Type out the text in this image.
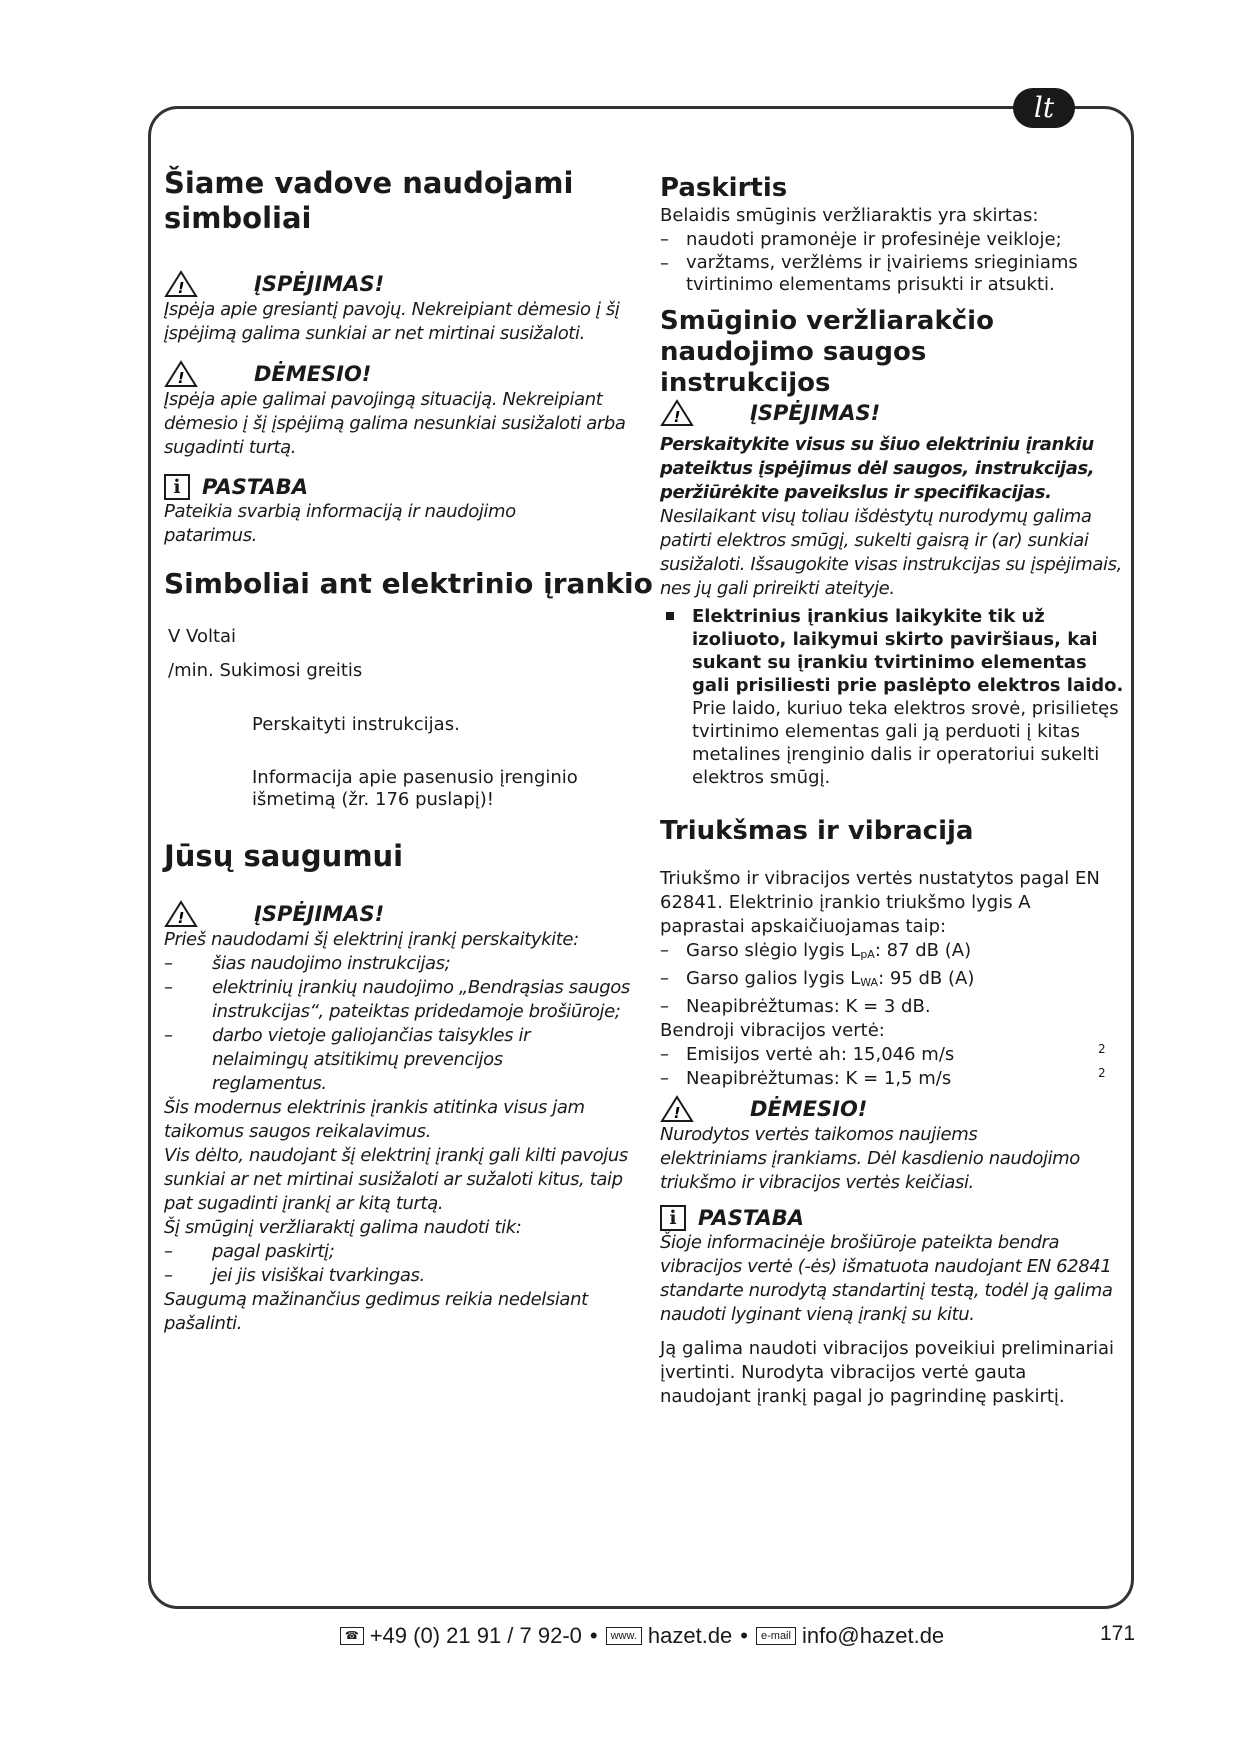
lt
Šiame vadove naudojami simboliai
!	ĮSPĖJIMAS!
Įspėja apie gresiantį pavojų. Nekreipiant dėmesio į šį įspėjimą galima sunkiai ar net mirtinai susižaloti.
!	DĖMESIO!
Įspėja apie galimai pavojingą situaciją. Nekreipiant dėmesio į šį įspėjimą galima nesunkiai susižaloti arba sugadinti turtą.
i	PASTABA
Pateikia svarbią informaciją ir naudojimo patarimus.
Simboliai ant elektrinio įrankio
V Voltai
/min. Sukimosi greitis
Perskaityti instrukcijas.
Informacija apie pasenusio įrenginio išmetimą (žr. 176 puslapį)!
Jūsų saugumui
!	ĮSPĖJIMAS!
Prieš naudodami šį elektrinį įrankį perskaitykite:
–	šias naudojimo instrukcijas;
–	elektrinių įrankių naudojimo „Bendrąsias saugos instrukcijas“, pateiktas pridedamoje brošiūroje;
–	darbo vietoje galiojančias taisykles ir nelaimingų atsitikimų prevencijos reglamentus.
Šis modernus elektrinis įrankis atitinka visus jam taikomus saugos reikalavimus.
Vis dėlto, naudojant šį elektrinį įrankį gali kilti pavojus sunkiai ar net mirtinai susižaloti ar sužaloti kitus, taip pat sugadinti įrankį ar kitą turtą.
Šį smūginį veržliaraktį galima naudoti tik:
–	pagal paskirtį;
–	jei jis visiškai tvarkingas.
Saugumą mažinančius gedimus reikia nedelsiant pašalinti.
Paskirtis
Belaidis smūginis veržliaraktis yra skirtas:
– naudoti pramonėje ir profesinėje veikloje;
– varžtams, veržlėms ir įvairiems srieginiams tvirtinimo elementams prisukti ir atsukti.
Smūginio veržliarakčio naudojimo saugos instrukcijos
!	ĮSPĖJIMAS!
Perskaitykite visus su šiuo elektriniu įrankiu pateiktus įspėjimus dėl saugos, instrukcijas, peržiūrėkite paveikslus ir specifikacijas.
Nesilaikant visų toliau išdėstytų nurodymų galima patirti elektros smūgį, sukelti gaisrą ir (ar) sunkiai susižaloti. Išsaugokite visas instrukcijas su įspėjimais, nes jų gali prireikti ateityje.
Elektrinius įrankius laikykite tik už izoliuoto, laikymui skirto paviršiaus, kai sukant su įrankiu tvirtinimo elementas gali prisiliesti prie paslėpto elektros laido. Prie laido, kuriuo teka elektros srovė, prisilietęs tvirtinimo elementas gali ją perduoti į kitas metalines įrenginio dalis ir operatoriui sukelti elektros smūgį.
Triukšmas ir vibracija
Triukšmo ir vibracijos vertės nustatytos pagal EN 62841. Elektrinio įrankio triukšmo lygis A paprastai apskaičiuojamas taip:
– Garso slėgio lygis $L_{pA}$: 87 dB (A)
– Garso galios lygis $L_{WA}$: 95 dB (A)
– Neapibrėžtumas: K = 3 dB.
Bendroji vibracijos vertė:
– Emisijos vertė ah: 15,046 m/s	2
– Neapibrėžtumas: K = 1,5 m/s	2
!	DĖMESIO!
Nurodytos vertės taikomos naujiems elektriniams įrankiams. Dėl kasdienio naudojimo triukšmo ir vibracijos vertės keičiasi.
i	PASTABA
Šioje informacinėje brošiūroje pateikta bendra vibracijos vertė (-ės) išmatuota naudojant EN 62841 standarte nurodytą standartinį testą, todėl ją galima naudoti lyginant vieną įrankį su kitu.
Ją galima naudoti vibracijos poveikiui preliminariai įvertinti. Nurodyta vibracijos vertė gauta naudojant įrankį pagal jo pagrindinę paskirtį.
☎ +49 (0) 21 91 / 7 92-0 •	www. hazet.de •	e-mail info@hazet.de	171
